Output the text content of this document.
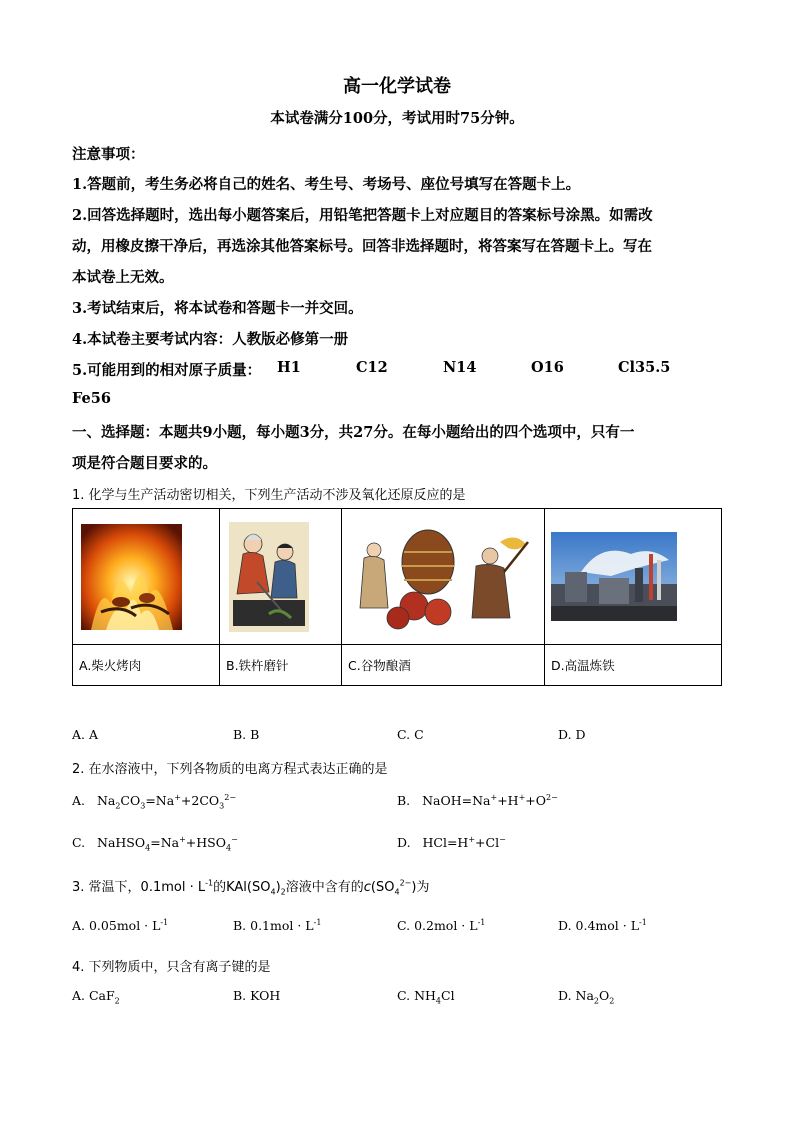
高一化学试卷
本试卷满分100分，考试用时75分钟。
注意事项：
1.答题前，考生务必将自己的姓名、考生号、考场号、座位号填写在答题卡上。
2.回答选择题时，选出每小题答案后，用铅笔把答题卡上对应题目的答案标号涂黑。如需改
动，用橡皮擦干净后，再选涂其他答案标号。回答非选择题时，将答案写在答题卡上。写在
本试卷上无效。
3.考试结束后，将本试卷和答题卡一并交回。
4.本试卷主要考试内容：人教版必修第一册
5.可能用到的相对原子质量： H1	C12	N14	O16	Cl35.5
Fe56
一、选择题：本题共9小题，每小题3分，共27分。在每小题给出的四个选项中，只有一
项是符合题目要求的。
1. 化学与生产活动密切相关，下列生产活动不涉及氧化还原反应的是

A.柴火烤肉	B.铁杵磨针	C.谷物酿酒	D.高温炼铁
A. A	B. B	C. C	D. D
2. 在水溶液中，下列各物质的电离方程式表达正确的是
A. $Na_2CO_3=Na^++2CO_3^{2-}$	B. $NaOH=Na^++H^++O^{2-}$
C. $NaHSO_4=Na^++HSO_4^-$	D. HCl=H++Cl−
3. 常温下，$0.1mol \cdot L^{-1}$的$KAl(SO_4)_2$溶液中含有的$c(SO_4^{2-})$为
A. $0.05mol \cdot L^{-1}$	B. $0.1mol \cdot L^{-1}$	C. $0.2mol \cdot L^{-1}$	D. $0.4mol \cdot L^{-1}$
4. 下列物质中，只含有离子键的是
A. CaF$_2$	B. KOH	C. $NH_4Cl$	D. $Na_2O_2$
